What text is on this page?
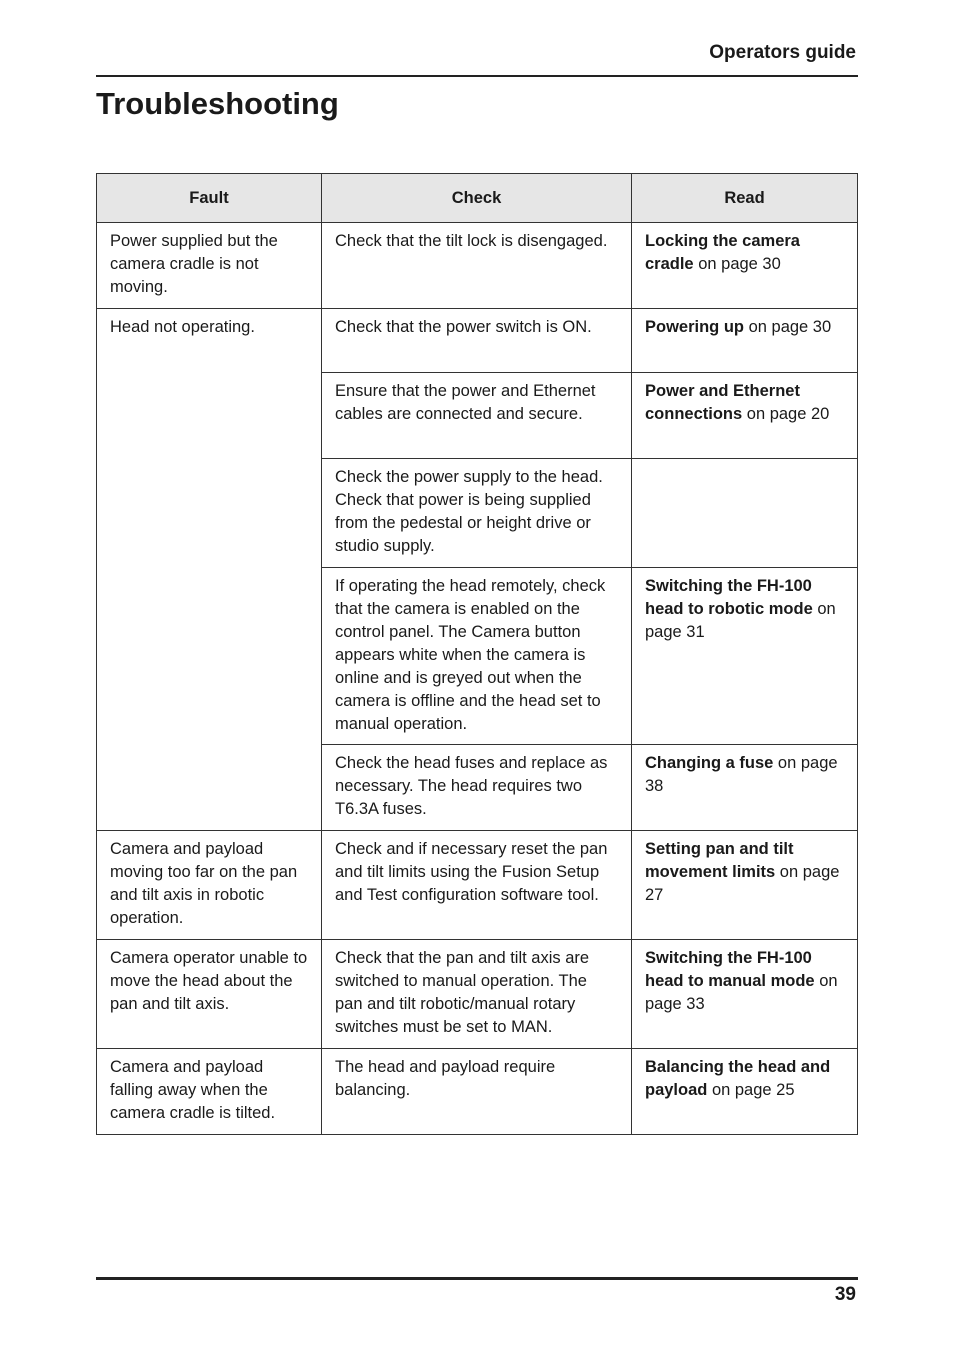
Operators guide
Troubleshooting
Fault	Check	Read
Power supplied but the camera cradle is not moving.	Check that the tilt lock is disengaged.	Locking the camera cradle on page 30
Head not operating.	Check that the power switch is ON.	Powering up on page 30
	Ensure that the power and Ethernet cables are connected and secure.	Power and Ethernet connections on page 20
	Check the power supply to the head. Check that power is being supplied from the pedestal or height drive or studio supply.	
	If operating the head remotely, check that the camera is enabled on the control panel. The Camera button appears white when the camera is online and is greyed out when the camera is offline and the head set to manual operation.	Switching the FH-100 head to robotic mode on page 31
	Check the head fuses and replace as necessary. The head requires two T6.3A fuses.	Changing a fuse on page 38
Camera and payload moving too far on the pan and tilt axis in robotic operation.	Check and if necessary reset the pan and tilt limits using the Fusion Setup and Test configuration software tool.	Setting pan and tilt movement limits on page 27
Camera operator unable to move the head about the pan and tilt axis.	Check that the pan and tilt axis are switched to manual operation. The pan and tilt robotic/manual rotary switches must be set to MAN.	Switching the FH-100 head to manual mode on page 33
Camera and payload falling away when the camera cradle is tilted.	The head and payload require balancing.	Balancing the head and payload on page 25
39
